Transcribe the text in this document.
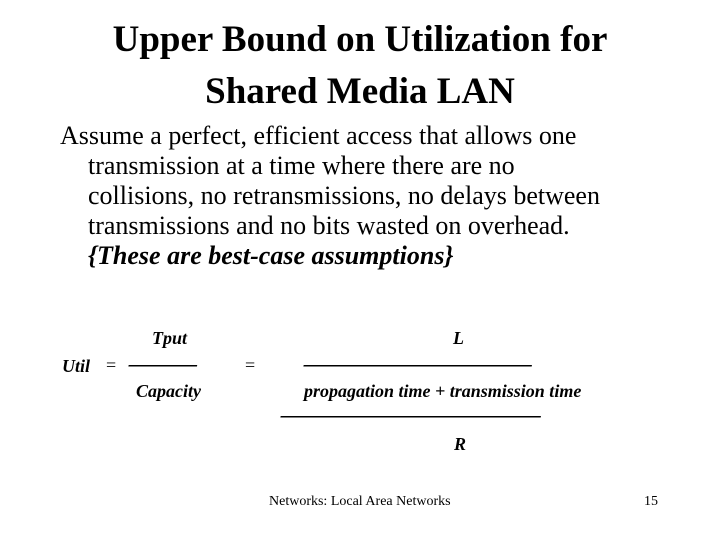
Upper Bound on Utilization for
Shared Media LAN
Assume a perfect, efficient access that allows one
transmission at a time where there are no
collisions, no retransmissions, no delays between
transmissions and no bits wasted on overhead.
{These are best-case assumptions}
Tput
Util = -----------------	=
Capacity
L
---------------------------------------------------------
propagation time + transmission time
-----------------------------------------------------------------
R
Networks: Local Area Networks	15
